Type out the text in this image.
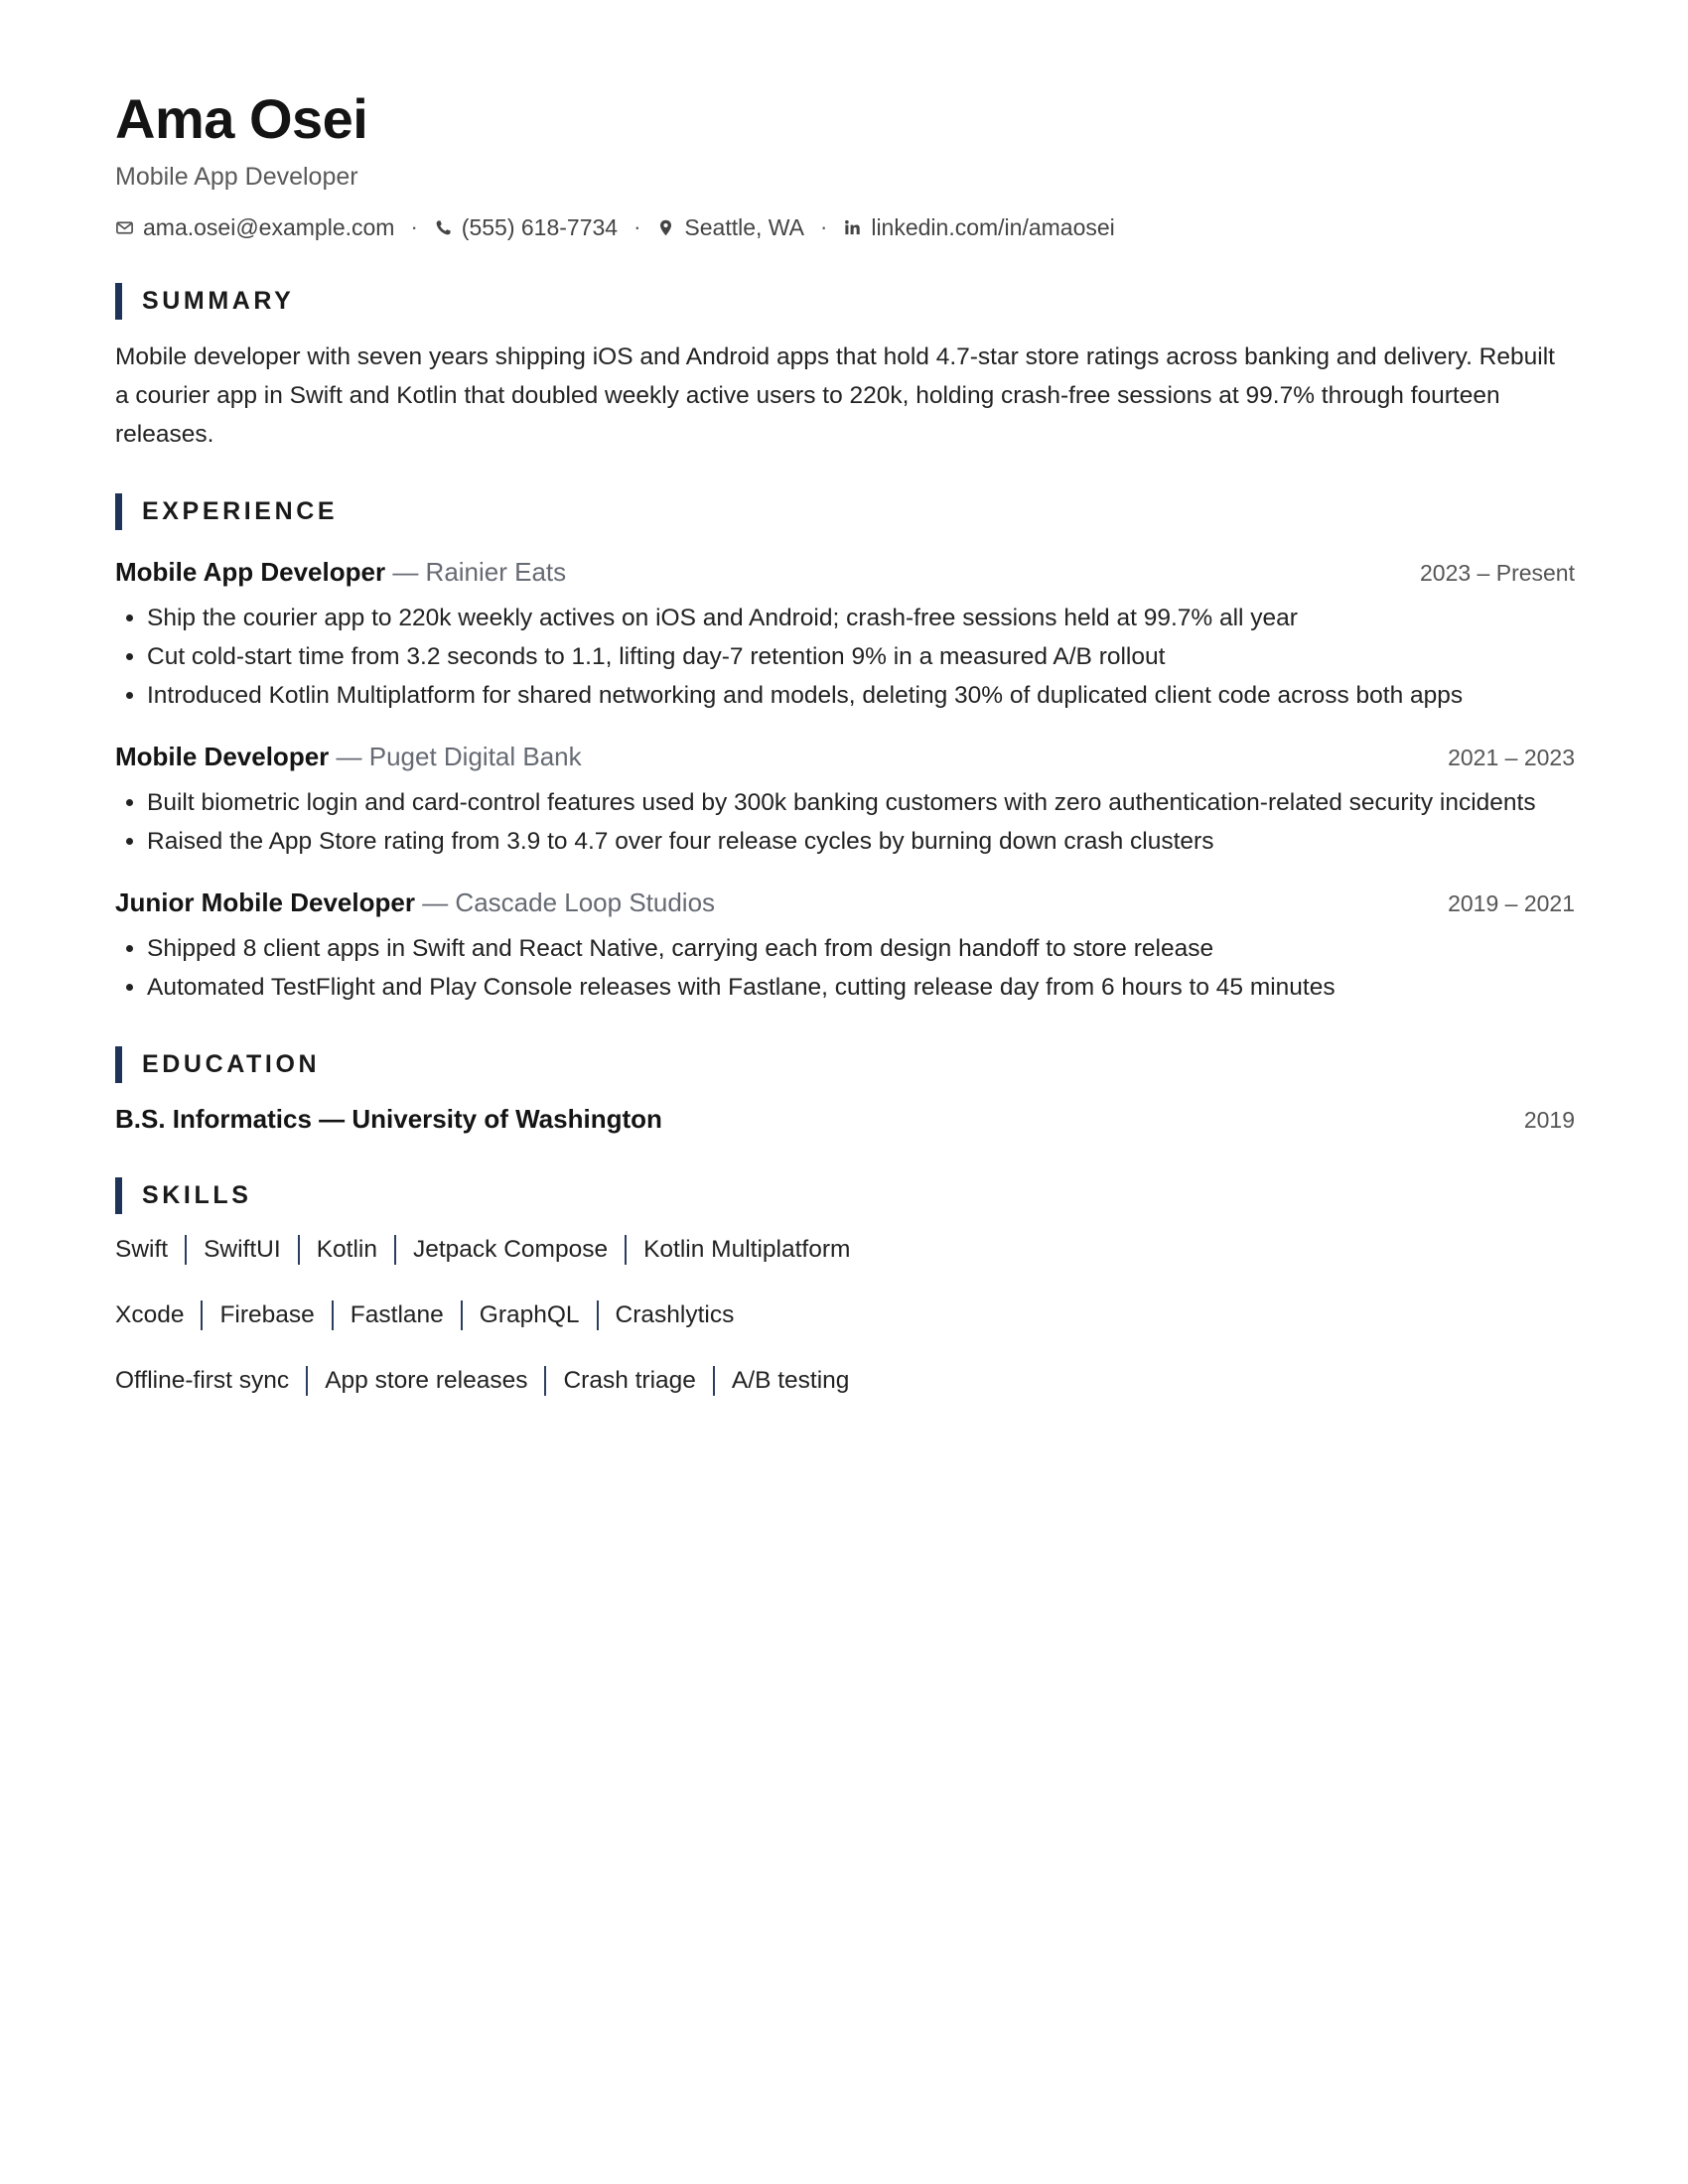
Ama Osei
Mobile App Developer
ama.osei@example.com · (555) 618-7734 · Seattle, WA · linkedin.com/in/amaosei
SUMMARY

Mobile developer with seven years shipping iOS and Android apps that hold 4.7-star store ratings across banking and delivery. Rebuilt a courier app in Swift and Kotlin that doubled weekly active users to 220k, holding crash-free sessions at 99.7% through fourteen releases.

EXPERIENCE
Mobile App Developer — Rainier Eats	2023 – Present
• Ship the courier app to 220k weekly actives on iOS and Android; crash-free sessions held at 99.7% all year
• Cut cold-start time from 3.2 seconds to 1.1, lifting day-7 retention 9% in a measured A/B rollout
• Introduced Kotlin Multiplatform for shared networking and models, deleting 30% of duplicated client code across both apps
Mobile Developer — Puget Digital Bank	2021 – 2023
• Built biometric login and card-control features used by 300k banking customers with zero authentication-related security incidents
• Raised the App Store rating from 3.9 to 4.7 over four release cycles by burning down crash clusters
Junior Mobile Developer — Cascade Loop Studios	2019 – 2021
• Shipped 8 client apps in Swift and React Native, carrying each from design handoff to store release
• Automated TestFlight and Play Console releases with Fastlane, cutting release day from 6 hours to 45 minutes
EDUCATION
B.S. Informatics — University of Washington	2019
SKILLS
Swift SwiftUI Kotlin Jetpack Compose Kotlin Multiplatform
Xcode Firebase Fastlane GraphQL Crashlytics
Offline-first sync App store releases Crash triage A/B testing
